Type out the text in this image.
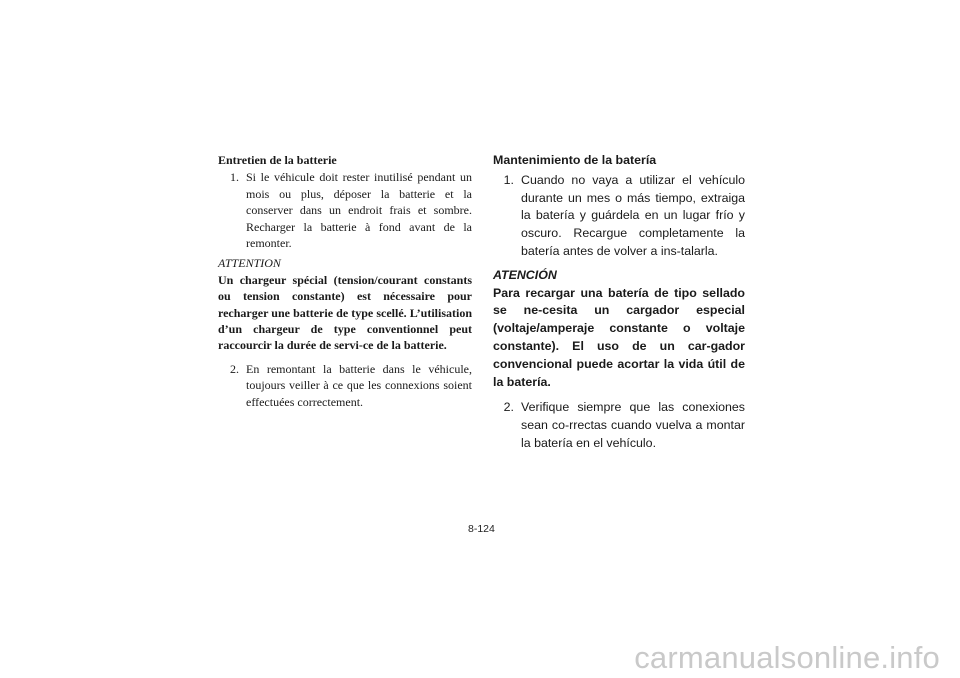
Entretien de la batterie

1. Si le véhicule doit rester inutilisé pendant un mois ou plus, déposer la batterie et la conserver dans un endroit frais et sombre. Recharger la batterie à fond avant de la remonter.

ATTENTION

Un chargeur spécial (tension/courant constants ou tension constante) est nécessaire pour recharger une batterie de type scellé. L’utilisation d’un chargeur de type conventionnel peut raccourcir la durée de servi-ce de la batterie.

2. En remontant la batterie dans le véhicule, toujours veiller à ce que les connexions soient effectuées correctement.

Mantenimiento de la batería

1. Cuando no vaya a utilizar el vehículo durante un mes o más tiempo, extraiga la batería y guárdela en un lugar frío y oscuro. Recargue completamente la batería antes de volver a ins-talarla.

ATENCIÓN

Para recargar una batería de tipo sellado se ne-cesita un cargador especial (voltaje/amperaje constante o voltaje constante). El uso de un car-gador convencional puede acortar la vida útil de la batería.

2. Verifique siempre que las conexiones sean co-rrectas cuando vuelva a montar la batería en el vehículo.
8-124
carmanualsonline.info
